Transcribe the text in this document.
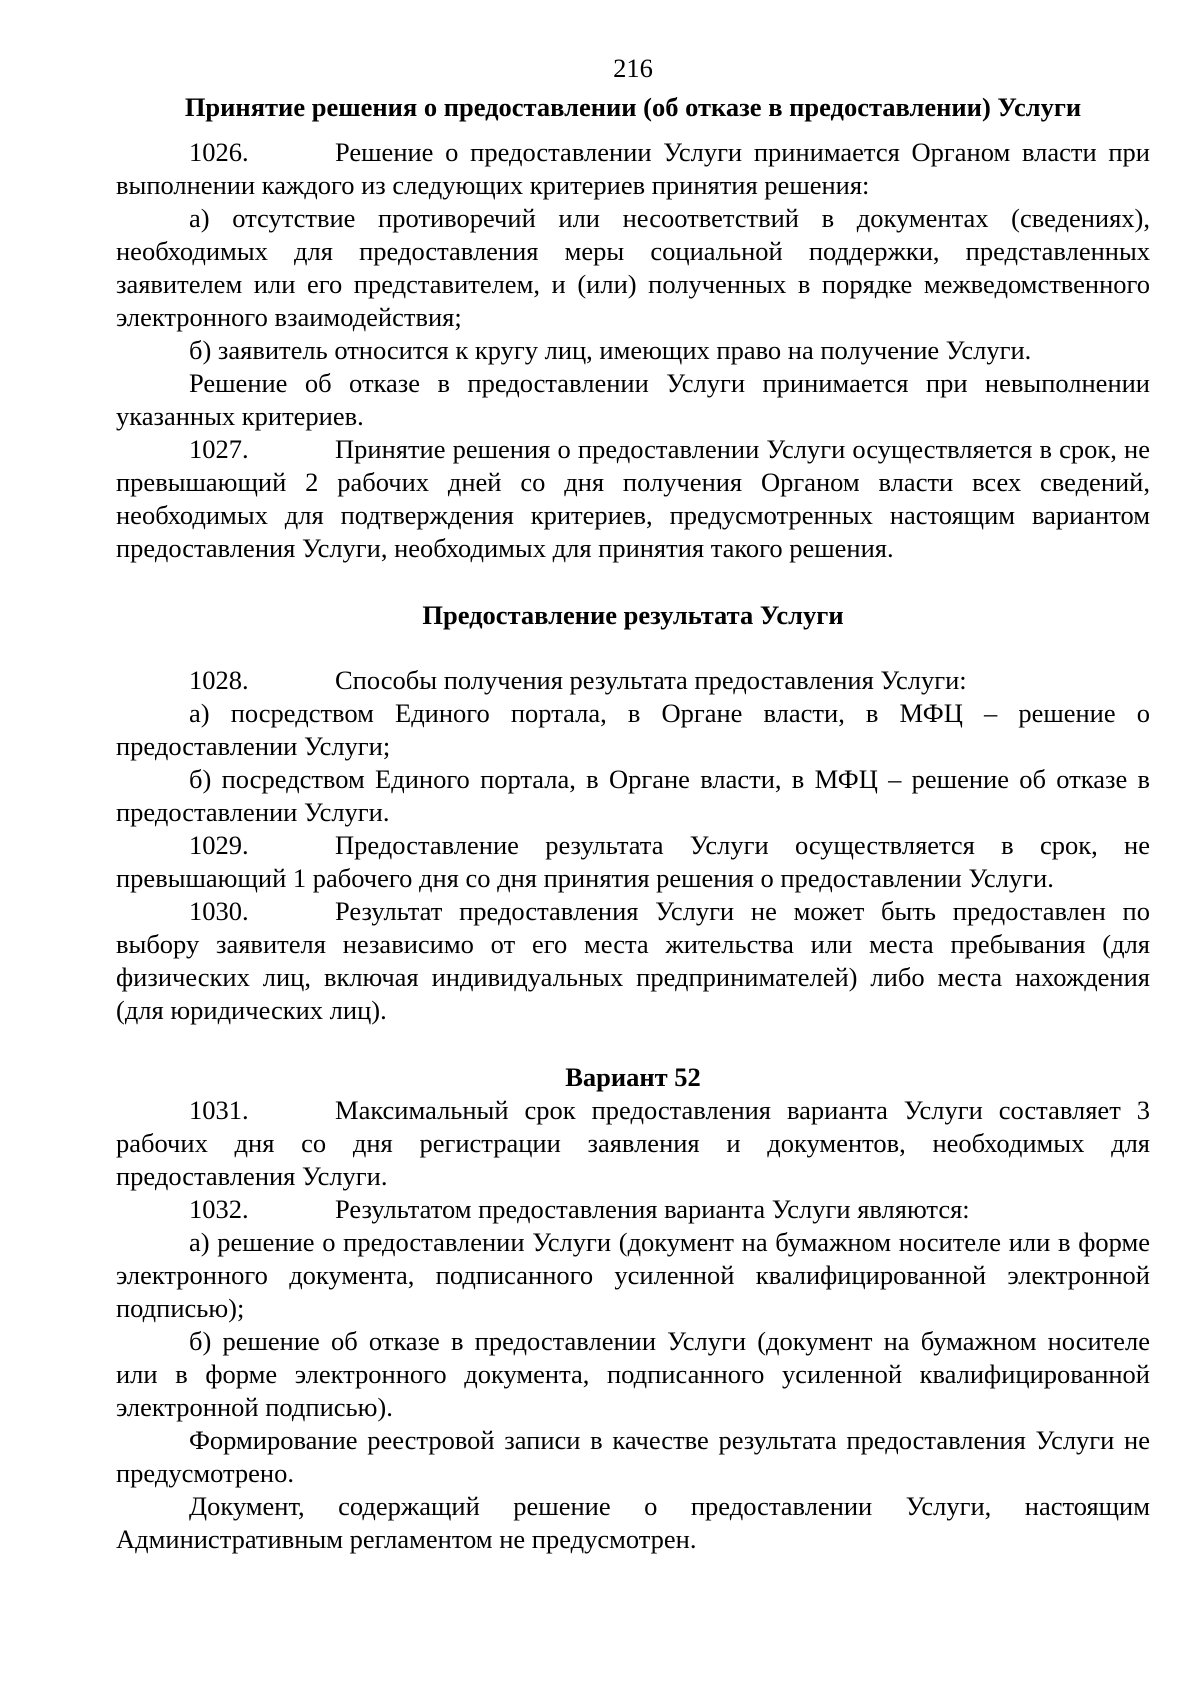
216
Принятие решения о предоставлении (об отказе в предоставлении) Услуги

1026.	Решение о предоставлении Услуги принимается Органом власти при выполнении каждого из следующих критериев принятия решения:

а) отсутствие противоречий или несоответствий в документах (сведениях), необходимых для предоставления меры социальной поддержки, представленных заявителем или его представителем, и (или) полученных в порядке межведомственного электронного взаимодействия;

б) заявитель относится к кругу лиц, имеющих право на получение Услуги.

Решение об отказе в предоставлении Услуги принимается при невыполнении указанных критериев.

1027.	Принятие решения о предоставлении Услуги осуществляется в срок, не превышающий 2 рабочих дней со дня получения Органом власти всех сведений, необходимых для подтверждения критериев, предусмотренных настоящим вариантом предоставления Услуги, необходимых для принятия такого решения.

Предоставление результата Услуги

1028.	Способы получения результата предоставления Услуги:

а) посредством Единого портала, в Органе власти, в МФЦ – решение о предоставлении Услуги;

б) посредством Единого портала, в Органе власти, в МФЦ – решение об отказе в предоставлении Услуги.

1029.	Предоставление результата Услуги осуществляется в срок, не превышающий 1 рабочего дня со дня принятия решения о предоставлении Услуги.

1030.	Результат предоставления Услуги не может быть предоставлен по выбору заявителя независимо от его места жительства или места пребывания (для физических лиц, включая индивидуальных предпринимателей) либо места нахождения (для юридических лиц).

Вариант 52

1031.	Максимальный срок предоставления варианта Услуги составляет 3 рабочих дня со дня регистрации заявления и документов, необходимых для предоставления Услуги.

1032.	Результатом предоставления варианта Услуги являются:

а) решение о предоставлении Услуги (документ на бумажном носителе или в форме электронного документа, подписанного усиленной квалифицированной электронной подписью);

б) решение об отказе в предоставлении Услуги (документ на бумажном носителе или в форме электронного документа, подписанного усиленной квалифицированной электронной подписью).

Формирование реестровой записи в качестве результата предоставления Услуги не предусмотрено.

Документ, содержащий решение о предоставлении Услуги, настоящим Административным регламентом не предусмотрен.
